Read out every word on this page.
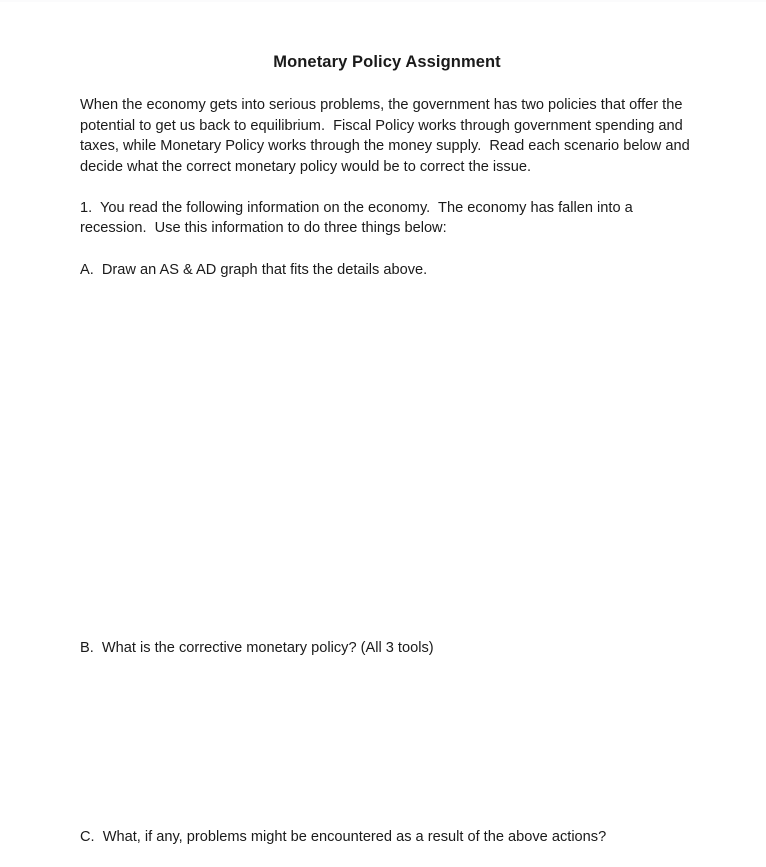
Monetary Policy Assignment

When the economy gets into serious problems, the government has two policies that offer the potential to get us back to equilibrium.  Fiscal Policy works through government spending and taxes, while Monetary Policy works through the money supply.  Read each scenario below and decide what the correct monetary policy would be to correct the issue.

1.  You read the following information on the economy.  The economy has fallen into a recession.  Use this information to do three things below:

A.  Draw an AS & AD graph that fits the details above.

B.  What is the corrective monetary policy? (All 3 tools)

C.  What, if any, problems might be encountered as a result of the above actions?
